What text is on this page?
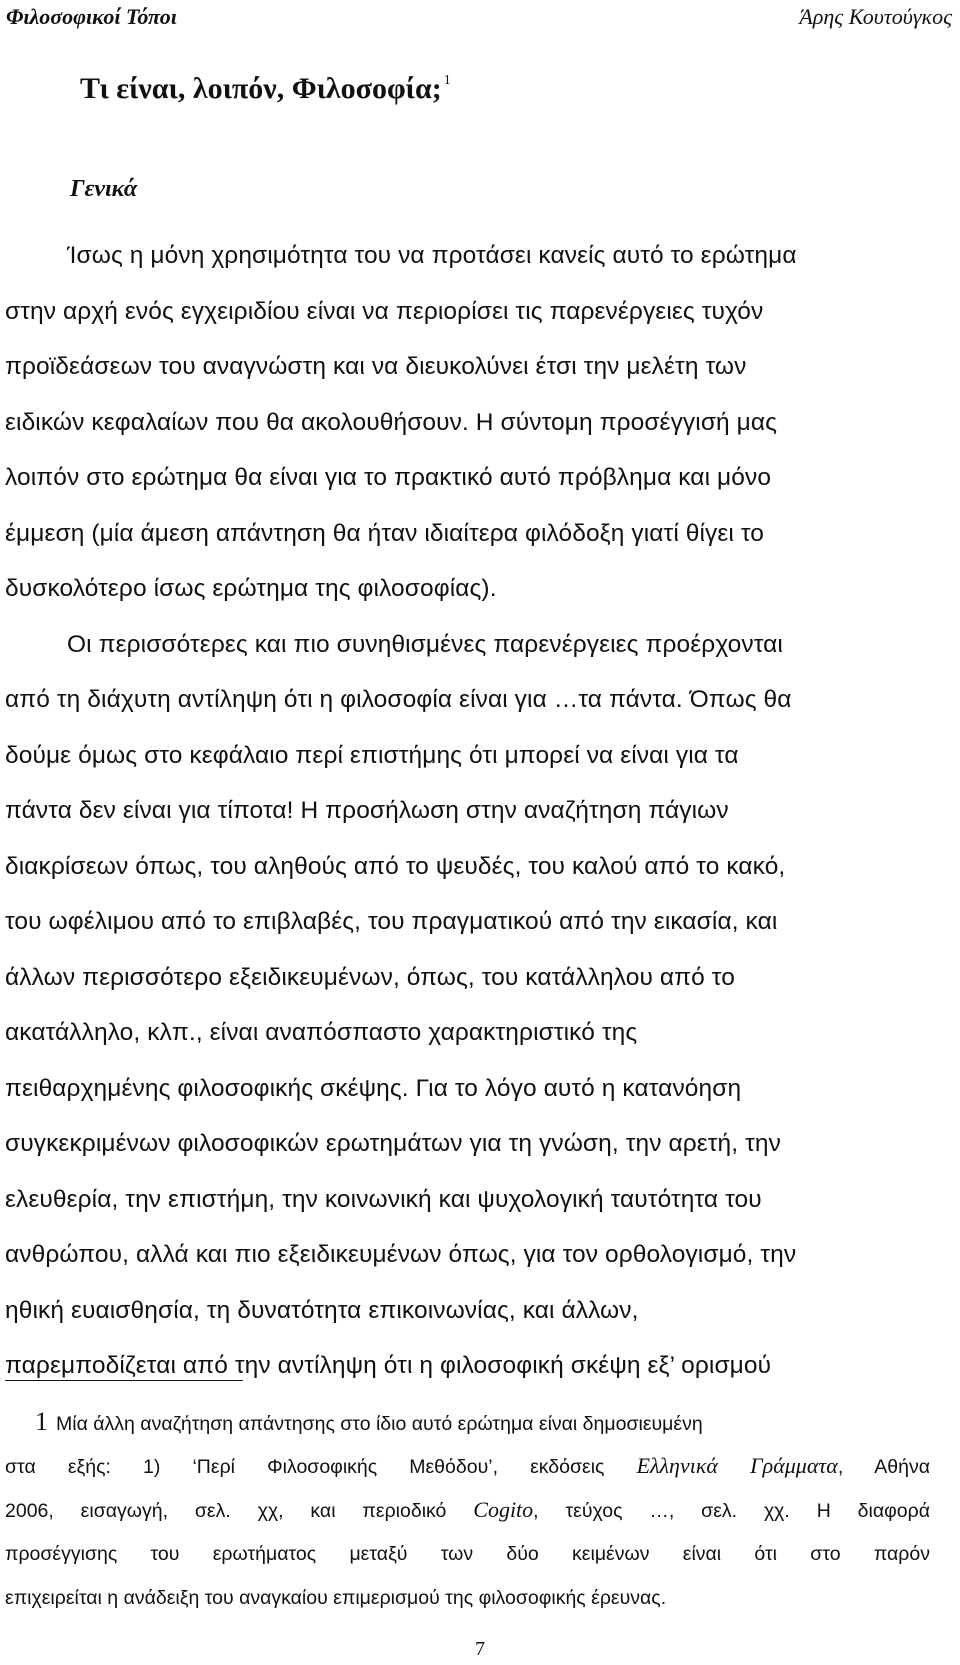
Φιλοσοφικοί Τόποι	Άρης Κουτούγκος
Τι είναι, λοιπόν, Φιλοσοφία; $^1$
Γενικά
Ίσως η μόνη χρησιμότητα του να προτάσει κανείς αυτό το ερώτημα
στην αρχή ενός εγχειριδίου είναι να περιορίσει τις παρενέργειες τυχόν
προϊδεάσεων του αναγνώστη και να διευκολύνει έτσι την μελέτη των
ειδικών κεφαλαίων που θα ακολουθήσουν. Η σύντομη προσέγγισή μας
λοιπόν στο ερώτημα θα είναι για το πρακτικό αυτό πρόβλημα και μόνο
έμμεση (μία άμεση απάντηση θα ήταν ιδιαίτερα φιλόδοξη γιατί θίγει το
δυσκολότερο ίσως ερώτημα της φιλοσοφίας).
Οι περισσότερες και πιο συνηθισμένες παρενέργειες προέρχονται
από τη διάχυτη αντίληψη ότι η φιλοσοφία είναι για …τα πάντα. Όπως θα
δούμε όμως στο κεφάλαιο περί επιστήμης ότι μπορεί να είναι για τα
πάντα δεν είναι για τίποτα! Η προσήλωση στην αναζήτηση πάγιων
διακρίσεων όπως, του αληθούς από το ψευδές, του καλού από το κακό,
του ωφέλιμου από το επιβλαβές, του πραγματικού από την εικασία, και
άλλων περισσότερο εξειδικευμένων, όπως, του κατάλληλου από το
ακατάλληλο, κλπ., είναι αναπόσπαστο χαρακτηριστικό της
πειθαρχημένης φιλοσοφικής σκέψης. Για το λόγο αυτό η κατανόηση
συγκεκριμένων φιλοσοφικών ερωτημάτων για τη γνώση, την αρετή, την
ελευθερία, την επιστήμη, την κοινωνική και ψυχολογική ταυτότητα του
ανθρώπου, αλλά και πιο εξειδικευμένων όπως, για τον ορθολογισμό, την
ηθική ευαισθησία, τη δυνατότητα επικοινωνίας, και άλλων,
παρεμποδίζεται από την αντίληψη ότι η φιλοσοφική σκέψη εξ’ ορισμού
1 Μία άλλη αναζήτηση απάντησης στο ίδιο αυτό ερώτημα είναι δημοσιευμένη
στα εξής: 1) ‘Περί Φιλοσοφικής Μεθόδου’, εκδόσεις Ελληνικά Γράμματα, Αθήνα
2006, εισαγωγή, σελ. χχ, και περιοδικό Cogito, τεύχος …, σελ. χχ. Η διαφορά
προσέγγισης του ερωτήματος μεταξύ των δύο κειμένων είναι ότι στο παρόν
επιχειρείται η ανάδειξη του αναγκαίου επιμερισμού της φιλοσοφικής έρευνας.
7
